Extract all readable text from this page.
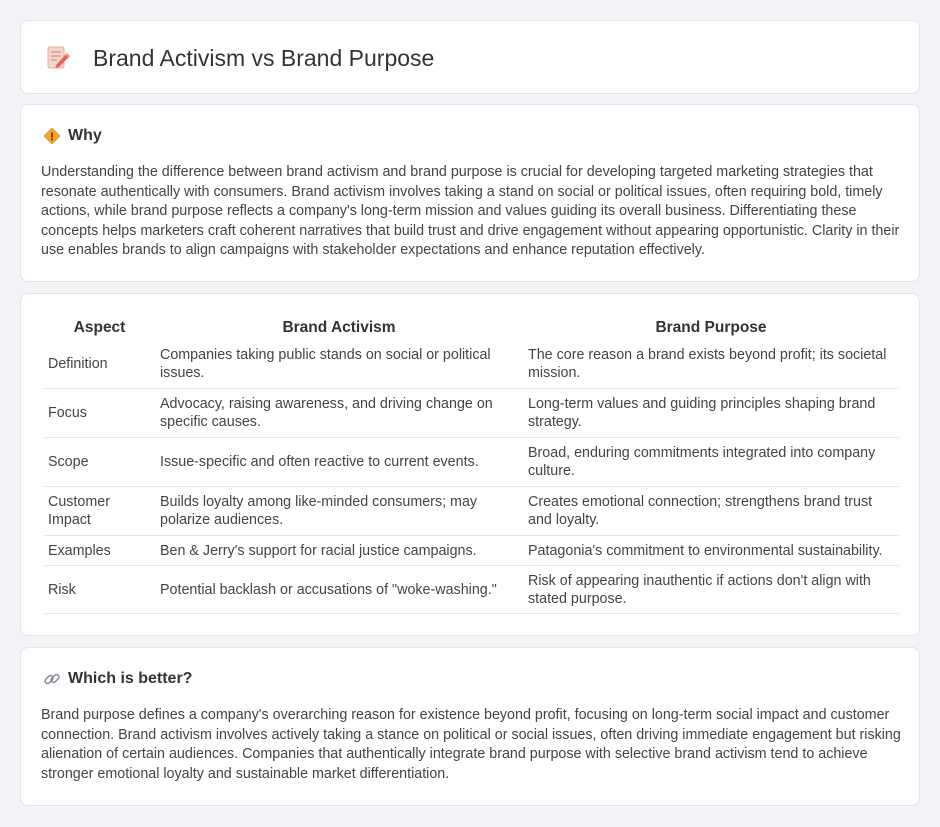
Brand Activism vs Brand Purpose
Why

Understanding the difference between brand activism and brand purpose is crucial for developing targeted marketing strategies that resonate authentically with consumers. Brand activism involves taking a stand on social or political issues, often requiring bold, timely actions, while brand purpose reflects a company's long-term mission and values guiding its overall business. Differentiating these concepts helps marketers craft coherent narratives that build trust and drive engagement without appearing opportunistic. Clarity in their use enables brands to align campaigns with stakeholder expectations and enhance reputation effectively.

Aspect	Brand Activism	Brand Purpose
Definition	Companies taking public stands on social or political issues.	The core reason a brand exists beyond profit; its societal mission.
Focus	Advocacy, raising awareness, and driving change on specific causes.	Long-term values and guiding principles shaping brand strategy.
Scope	Issue-specific and often reactive to current events.	Broad, enduring commitments integrated into company culture.
Customer Impact	Builds loyalty among like-minded consumers; may polarize audiences.	Creates emotional connection; strengthens brand trust and loyalty.
Examples	Ben & Jerry's support for racial justice campaigns.	Patagonia's commitment to environmental sustainability.
Risk	Potential backlash or accusations of "woke-washing."	Risk of appearing inauthentic if actions don't align with stated purpose.
Which is better?

Brand purpose defines a company's overarching reason for existence beyond profit, focusing on long-term social impact and customer connection. Brand activism involves actively taking a stance on political or social issues, often driving immediate engagement but risking alienation of certain audiences. Companies that authentically integrate brand purpose with selective brand activism tend to achieve stronger emotional loyalty and sustainable market differentiation.
